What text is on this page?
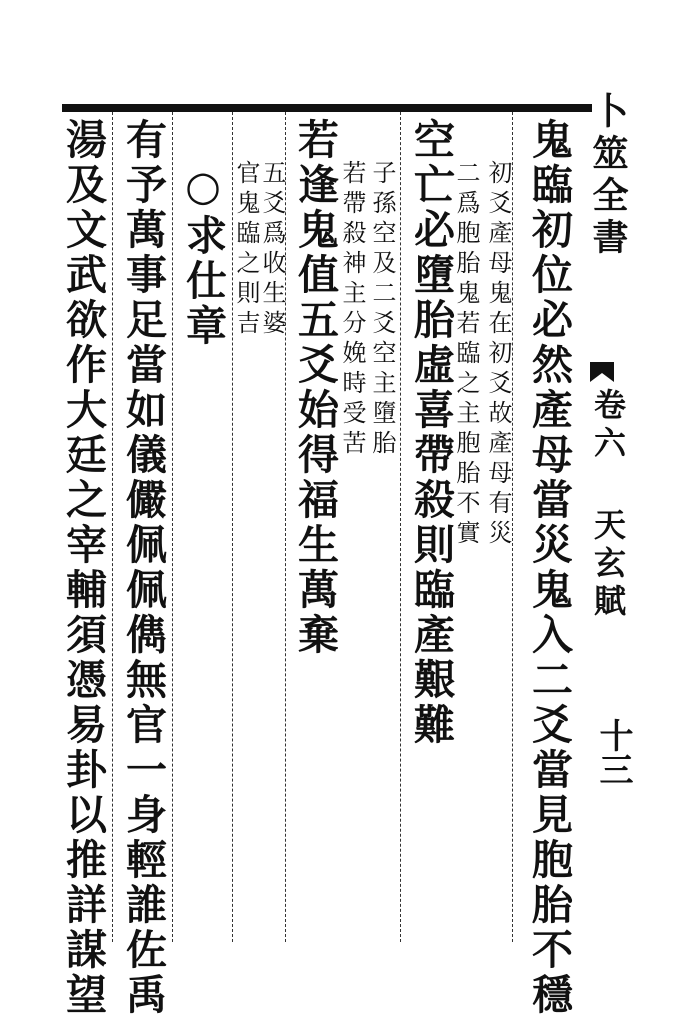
卜筮全書
卷六 天玄賦
十三
鬼臨初位必然產母當災鬼入二爻當見胞胎不穩
初爻產母鬼在初爻故產母有災
二爲胞胎鬼若臨之主胞胎不實
空亡必墮胎虛喜帶殺則臨產艱難
子孫空及二爻空主墮胎
若帶殺神主分娩時受苦
若逢鬼值五爻始得福生萬棄
五爻爲收生婆
官鬼臨之則吉
○求仕章
有予萬事足當如儀儼佩佩儁無官一身輕誰佐禹
湯及文武欲作大廷之宰輔須憑易卦以推詳謀望
